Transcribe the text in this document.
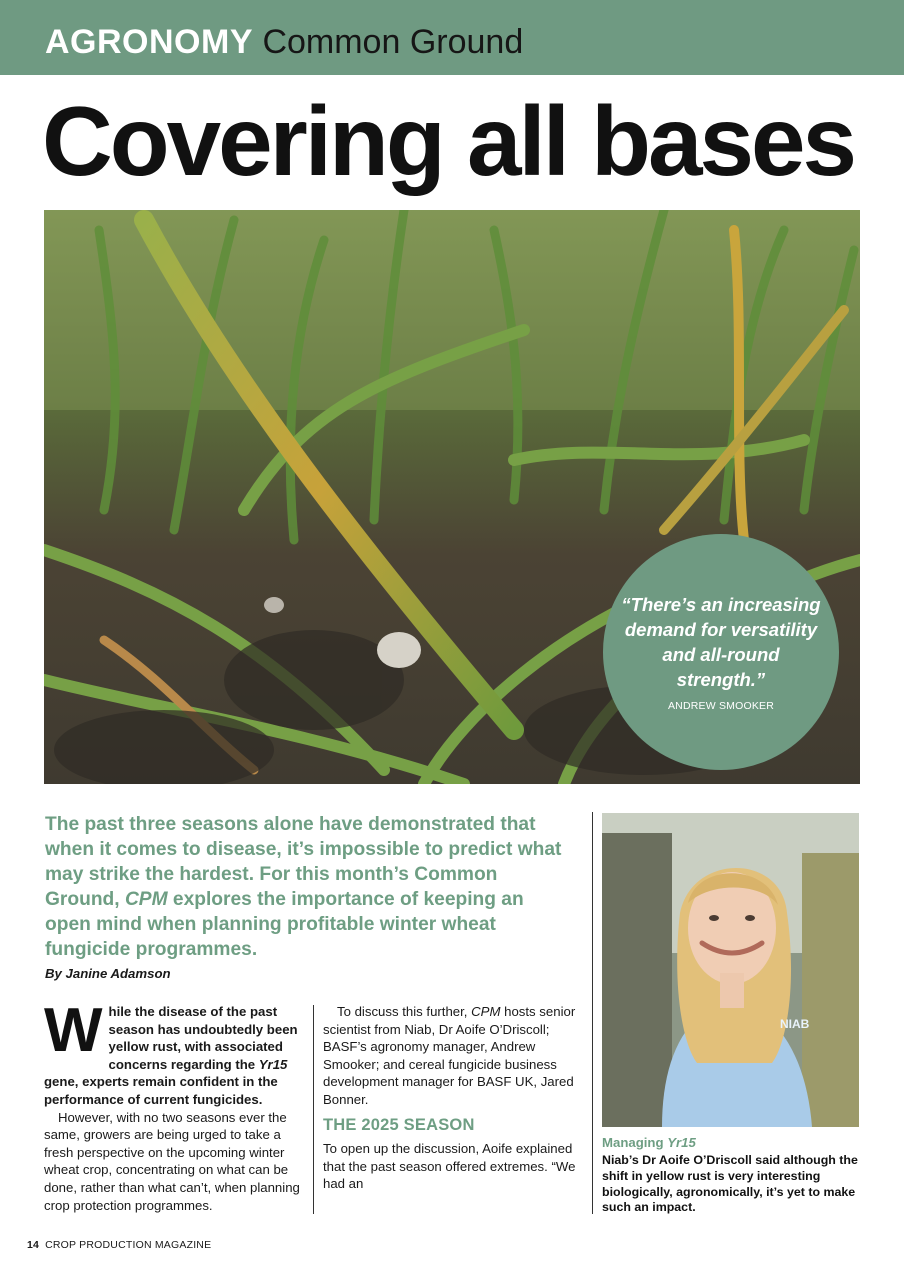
AGRONOMY Common Ground
Covering all bases
“There’s an increasing demand for versatility and all-round strength.”
ANDREW SMOOKER
The past three seasons alone have demonstrated that when it comes to disease, it’s impossible to predict what may strike the hardest. For this month’s Common Ground, CPM explores the importance of keeping an open mind when planning profitable winter wheat fungicide programmes.
By Janine Adamson

While the disease of the past season has undoubtedly been yellow rust, with associated concerns regarding the Yr15 gene, experts remain confident in the performance of current fungicides.

However, with no two seasons ever the same, growers are being urged to take a fresh perspective on the upcoming winter wheat crop, concentrating on what can be done, rather than what can’t, when planning crop protection programmes.

To discuss this further, CPM hosts senior scientist from Niab, Dr Aoife O’Driscoll; BASF’s agronomy manager, Andrew Smooker; and cereal fungicide business development manager for BASF UK, Jared Bonner.

THE 2025 SEASON

To open up the discussion, Aoife explained that the past season offered extremes. “We had an

NIAB
Managing Yr15
Niab’s Dr Aoife O’Driscoll said although the shift in yellow rust is very interesting biologically, agronomically, it’s yet to make such an impact.
14 CROP PRODUCTION MAGAZINE
